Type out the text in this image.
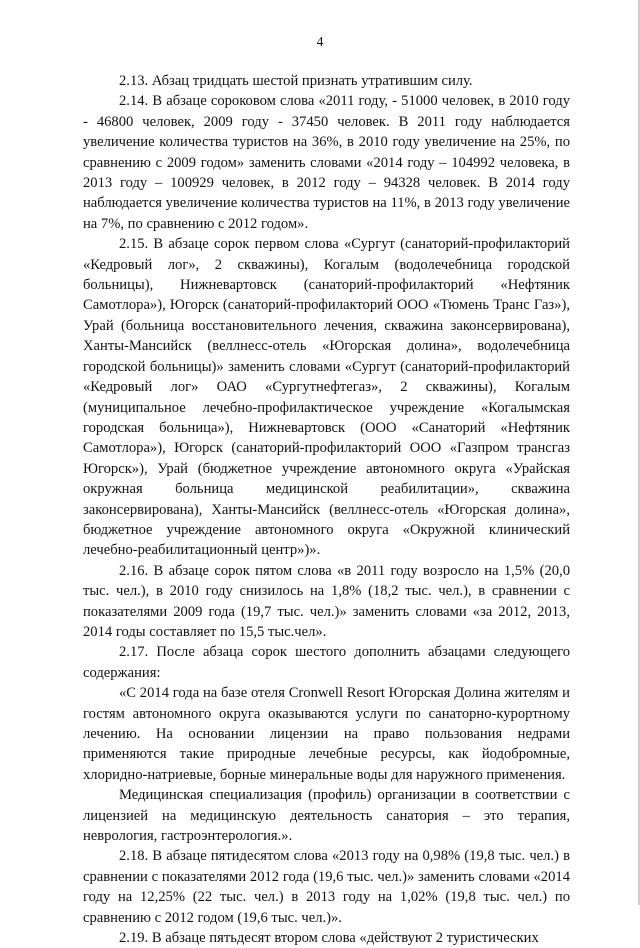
4

2.13. Абзац тридцать шестой признать утратившим силу.

2.14. В абзаце сороковом слова «2011 году, - 51000 человек, в 2010 году - 46800 человек, 2009 году - 37450 человек. В 2011 году наблюдается увеличение количества туристов на 36%, в 2010 году увеличение на 25%, по сравнению с 2009 годом» заменить словами «2014 году – 104992 человека, в 2013 году – 100929 человек, в 2012 году – 94328 человек. В 2014 году наблюдается увеличение количества туристов на 11%, в 2013 году увеличение на 7%, по сравнению с 2012 годом».

2.15. В абзаце сорок первом слова «Сургут (санаторий-профилакторий «Кедровый лог», 2 скважины), Когалым (водолечебница городской больницы), Нижневартовск (санаторий-профилакторий «Нефтяник Самотлора»), Югорск (санаторий-профилакторий ООО «Тюмень Транс Газ»), Урай (больница восстановительного лечения, скважина законсервирована), Ханты-Мансийск (веллнесс-отель «Югорская долина», водолечебница городской больницы)» заменить словами «Сургут (санаторий-профилакторий «Кедровый лог» ОАО «Сургутнефтегаз», 2 скважины), Когалым (муниципальное лечебно-профилактическое учреждение «Когалымская городская больница»), Нижневартовск (ООО «Санаторий «Нефтяник Самотлора»), Югорск (санаторий-профилакторий ООО «Газпром трансгаз Югорск»), Урай (бюджетное учреждение автономного округа «Урайская окружная больница медицинской реабилитации», скважина законсервирована), Ханты-Мансийск (веллнесс-отель «Югорская долина», бюджетное учреждение автономного округа «Окружной клинический лечебно-реабилитационный центр»)».

2.16. В абзаце сорок пятом слова «в 2011 году возросло на 1,5% (20,0 тыс. чел.), в 2010 году снизилось на 1,8% (18,2 тыс. чел.), в сравнении с показателями 2009 года (19,7 тыс. чел.)» заменить словами «за 2012, 2013, 2014 годы составляет по 15,5 тыс.чел».

2.17. После абзаца сорок шестого дополнить абзацами следующего содержания:

«С 2014 года на базе отеля Cronwell Resort Югорская Долина жителям и гостям автономного округа оказываются услуги по санаторно-курортному лечению. На основании лицензии на право пользования недрами применяются такие природные лечебные ресурсы, как йодобромные, хлоридно-натриевые, борные минеральные воды для наружного применения.

Медицинская специализация (профиль) организации в соответствии с лицензией на медицинскую деятельность санатория – это терапия, неврология, гастроэнтерология.».

2.18. В абзаце пятидесятом слова «2013 году на 0,98% (19,8 тыс. чел.) в сравнении с показателями 2012 года (19,6 тыс. чел.)» заменить словами «2014 году на 12,25% (22 тыс. чел.) в 2013 году на 1,02% (19,8 тыс. чел.) по сравнению с 2012 годом (19,6 тыс. чел.)».

2.19. В абзаце пятьдесят втором слова «действуют 2 туристических
